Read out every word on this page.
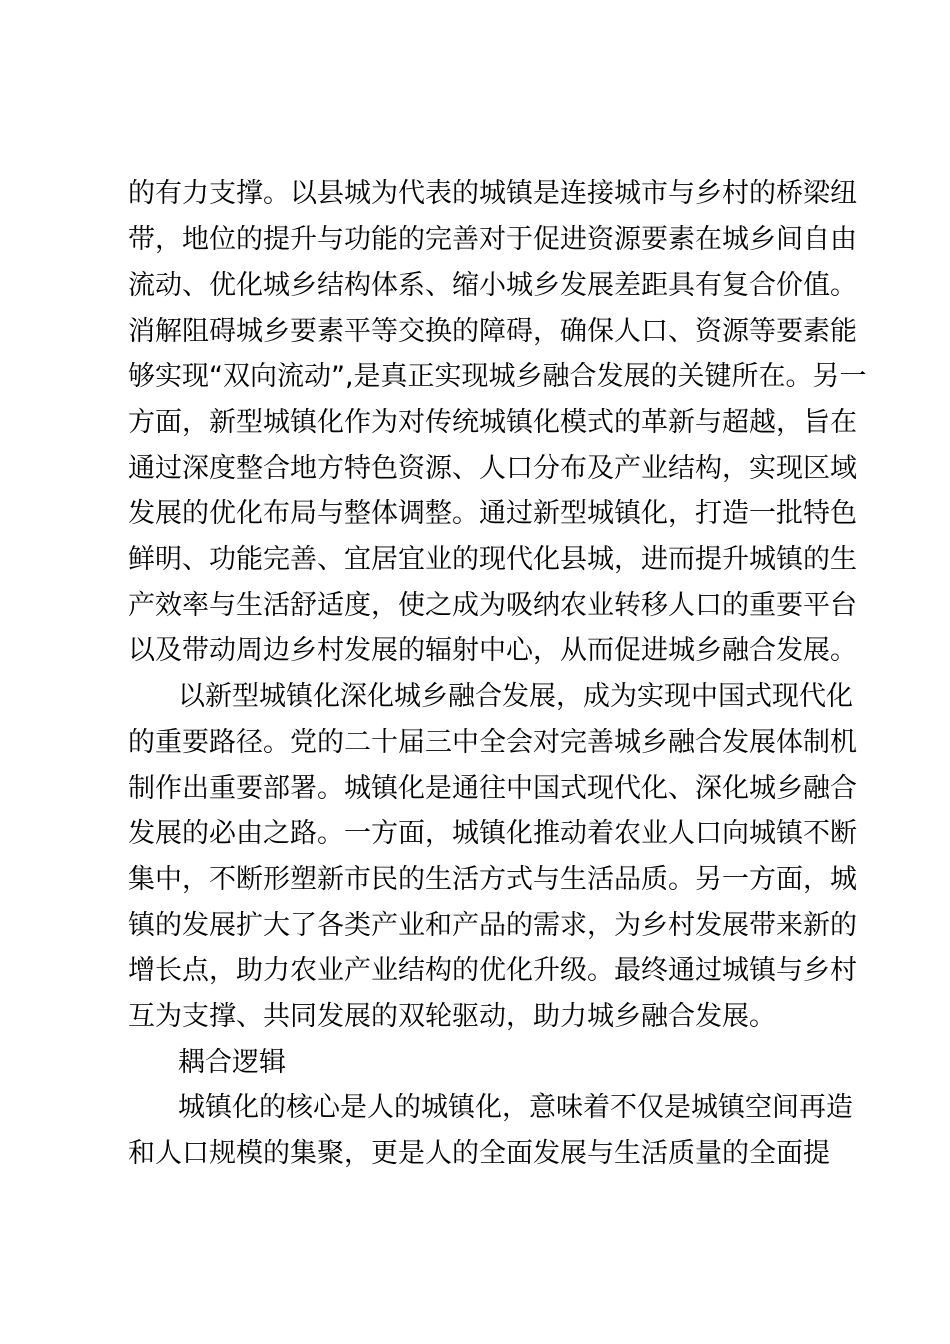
的有力支撑。以县城为代表的城镇是连接城市与乡村的桥梁纽
带，地位的提升与功能的完善对于促进资源要素在城乡间自由
流动、优化城乡结构体系、缩小城乡发展差距具有复合价值。
消解阻碍城乡要素平等交换的障碍，确保人口、资源等要素能
够实现“双向流动”,是真正实现城乡融合发展的关键所在。另一
方面，新型城镇化作为对传统城镇化模式的革新与超越，旨在
通过深度整合地方特色资源、人口分布及产业结构，实现区域
发展的优化布局与整体调整。通过新型城镇化，打造一批特色
鲜明、功能完善、宜居宜业的现代化县城，进而提升城镇的生
产效率与生活舒适度，使之成为吸纳农业转移人口的重要平台
以及带动周边乡村发展的辐射中心，从而促进城乡融合发展。
以新型城镇化深化城乡融合发展，成为实现中国式现代化
的重要路径。党的二十届三中全会对完善城乡融合发展体制机
制作出重要部署。城镇化是通往中国式现代化、深化城乡融合
发展的必由之路。一方面，城镇化推动着农业人口向城镇不断
集中，不断形塑新市民的生活方式与生活品质。另一方面，城
镇的发展扩大了各类产业和产品的需求，为乡村发展带来新的
增长点，助力农业产业结构的优化升级。最终通过城镇与乡村
互为支撑、共同发展的双轮驱动，助力城乡融合发展。
耦合逻辑
城镇化的核心是人的城镇化，意味着不仅是城镇空间再造
和人口规模的集聚，更是人的全面发展与生活质量的全面提
